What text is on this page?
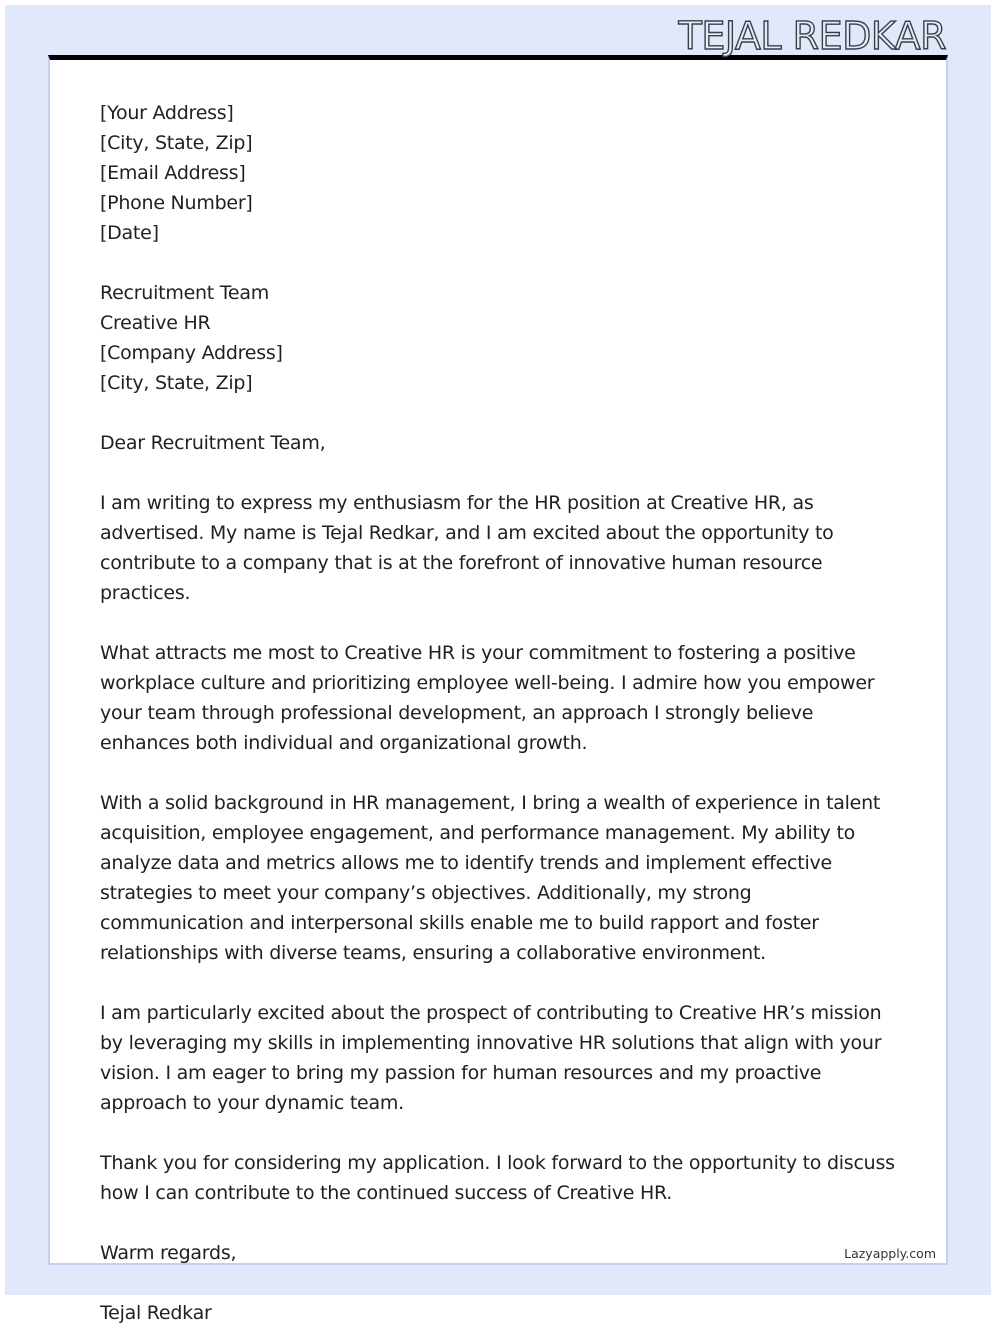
TEJAL REDKAR
[Your Address]
[City, State, Zip]
[Email Address]
[Phone Number]
[Date]
Recruitment Team
Creative HR
[Company Address]
[City, State, Zip]
Dear Recruitment Team,
I am writing to express my enthusiasm for the HR position at Creative HR, as advertised. My name is Tejal Redkar, and I am excited about the opportunity to contribute to a company that is at the forefront of innovative human resource practices.
What attracts me most to Creative HR is your commitment to fostering a positive workplace culture and prioritizing employee well-being. I admire how you empower your team through professional development, an approach I strongly believe enhances both individual and organizational growth.
With a solid background in HR management, I bring a wealth of experience in talent acquisition, employee engagement, and performance management. My ability to analyze data and metrics allows me to identify trends and implement effective strategies to meet your company’s objectives. Additionally, my strong communication and interpersonal skills enable me to build rapport and foster relationships with diverse teams, ensuring a collaborative environment.
I am particularly excited about the prospect of contributing to Creative HR’s mission by leveraging my skills in implementing innovative HR solutions that align with your vision. I am eager to bring my passion for human resources and my proactive approach to your dynamic team.
Thank you for considering my application. I look forward to the opportunity to discuss how I can contribute to the continued success of Creative HR.
Warm regards,
Tejal Redkar
Lazyapply.com
